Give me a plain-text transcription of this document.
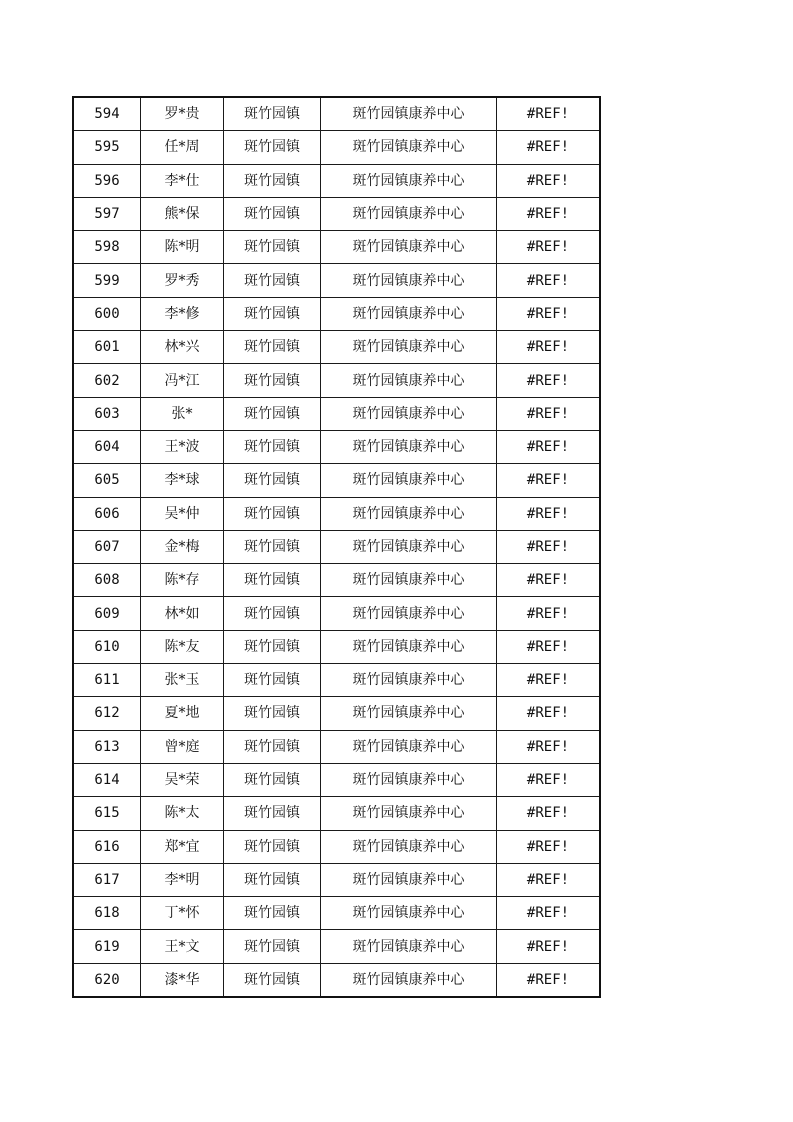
594	罗*贵	斑竹园镇	斑竹园镇康养中心	#REF!
595	任*周	斑竹园镇	斑竹园镇康养中心	#REF!
596	李*仕	斑竹园镇	斑竹园镇康养中心	#REF!
597	熊*保	斑竹园镇	斑竹园镇康养中心	#REF!
598	陈*明	斑竹园镇	斑竹园镇康养中心	#REF!
599	罗*秀	斑竹园镇	斑竹园镇康养中心	#REF!
600	李*修	斑竹园镇	斑竹园镇康养中心	#REF!
601	林*兴	斑竹园镇	斑竹园镇康养中心	#REF!
602	冯*江	斑竹园镇	斑竹园镇康养中心	#REF!
603	张*	斑竹园镇	斑竹园镇康养中心	#REF!
604	王*波	斑竹园镇	斑竹园镇康养中心	#REF!
605	李*球	斑竹园镇	斑竹园镇康养中心	#REF!
606	吴*仲	斑竹园镇	斑竹园镇康养中心	#REF!
607	金*梅	斑竹园镇	斑竹园镇康养中心	#REF!
608	陈*存	斑竹园镇	斑竹园镇康养中心	#REF!
609	林*如	斑竹园镇	斑竹园镇康养中心	#REF!
610	陈*友	斑竹园镇	斑竹园镇康养中心	#REF!
611	张*玉	斑竹园镇	斑竹园镇康养中心	#REF!
612	夏*地	斑竹园镇	斑竹园镇康养中心	#REF!
613	曾*庭	斑竹园镇	斑竹园镇康养中心	#REF!
614	吴*荣	斑竹园镇	斑竹园镇康养中心	#REF!
615	陈*太	斑竹园镇	斑竹园镇康养中心	#REF!
616	郑*宜	斑竹园镇	斑竹园镇康养中心	#REF!
617	李*明	斑竹园镇	斑竹园镇康养中心	#REF!
618	丁*怀	斑竹园镇	斑竹园镇康养中心	#REF!
619	王*文	斑竹园镇	斑竹园镇康养中心	#REF!
620	漆*华	斑竹园镇	斑竹园镇康养中心	#REF!
